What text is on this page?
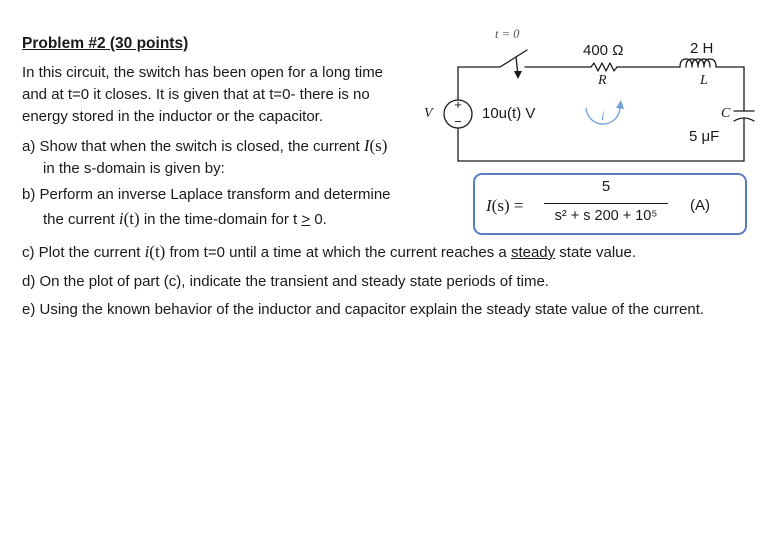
Problem #2 (30 points)
In this circuit, the switch has been open for a long time
and at t=0 it closes. It is given that at t=0- there is no
energy stored in the inductor or the capacitor.
a) Show that when the switch is closed, the current I(s)
in the s-domain is given by:
b) Perform an inverse Laplace transform and determine
the current i(t) in the time-domain for t ≥ 0.
c) Plot the current i(t) from t=0 until a time at which the current reaches a steady state value.
d) On the plot of part (c), indicate the transient and steady state periods of time.
e) Using the known behavior of the inductor and capacitor explain the steady state value of the current.
+
−
t = 0
400 Ω
R
2 H
L
C
5 μF
V	10u(t) V	i
I(s) =
5
s² + s 200 + 10⁵
(A)
